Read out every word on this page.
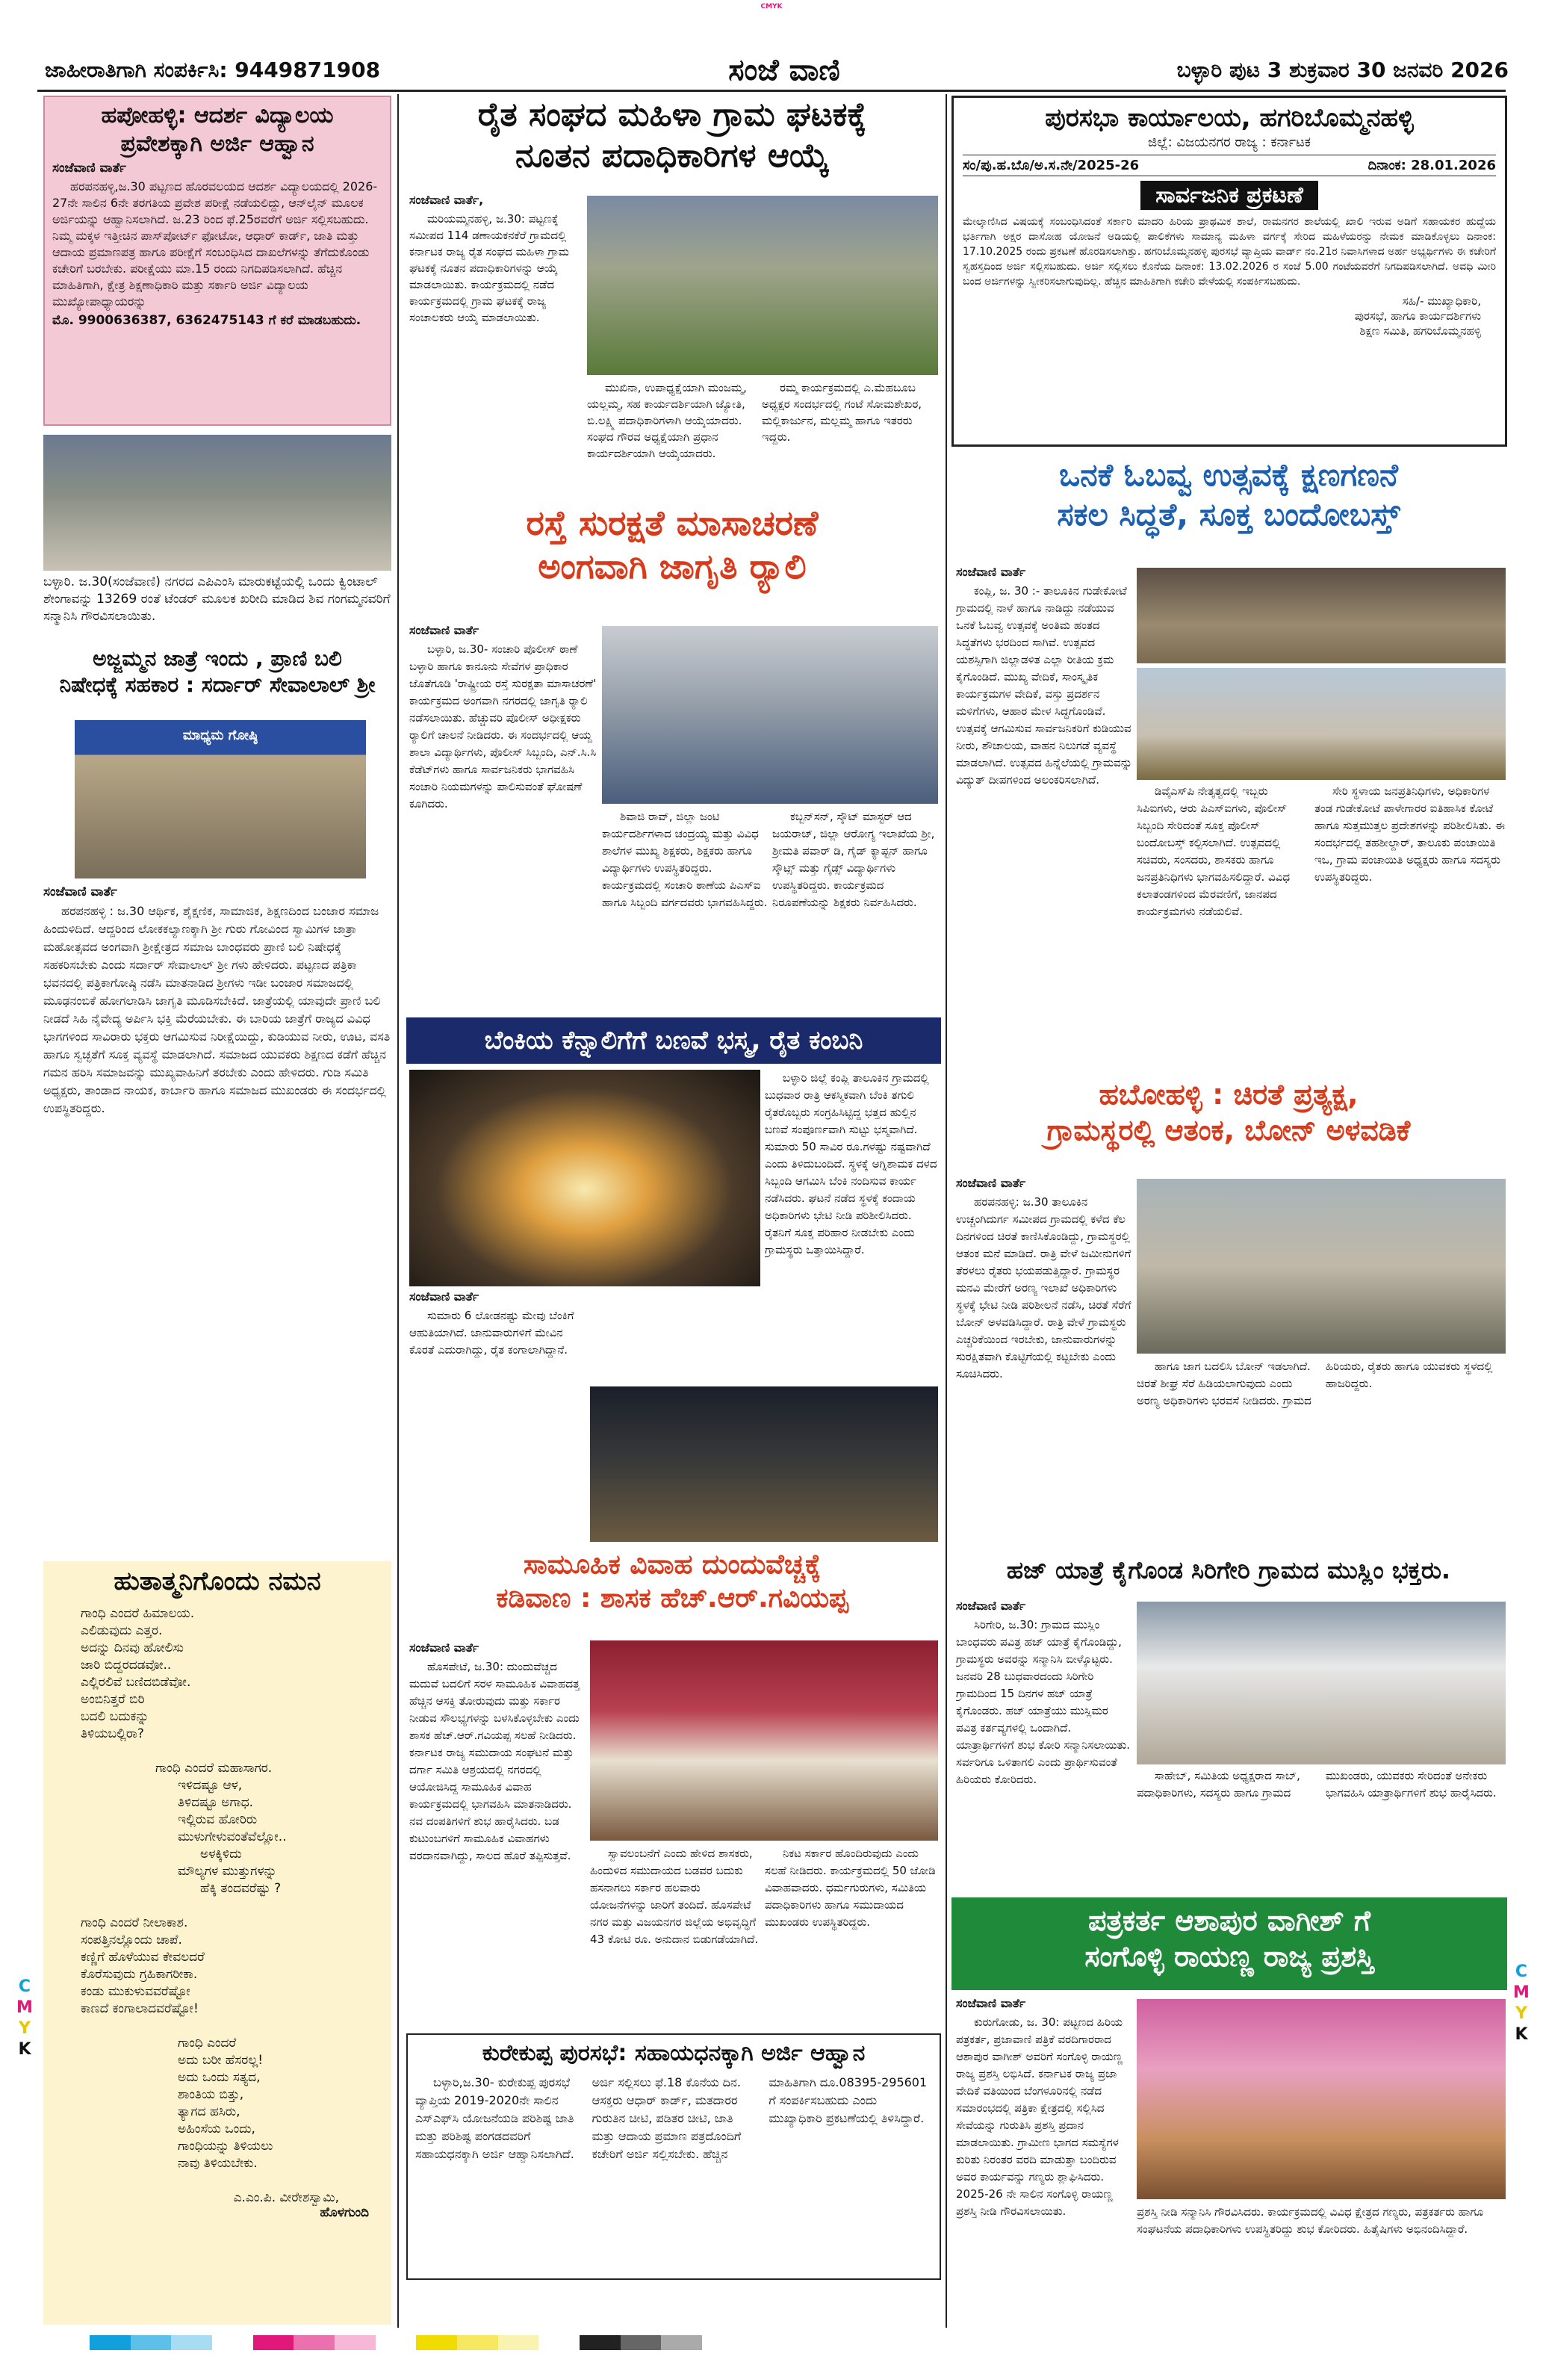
CMYK
ಜಾಹೀರಾತಿಗಾಗಿ ಸಂಪರ್ಕಿಸಿ: 9449871908	ಸಂಜೆ ವಾಣಿ	ಬಳ್ಳಾರಿ ಪುಟ 3 ಶುಕ್ರವಾರ 30 ಜನವರಿ 2026
C
M
Y
K
C
M
Y
K
ಹಪೋಹಳ್ಳಿ: ಆದರ್ಶ ವಿದ್ಯಾಲಯ
ಪ್ರವೇಶಕ್ಕಾಗಿ ಅರ್ಜಿ ಆಹ್ವಾನ
ಸಂಜೆವಾಣಿ ವಾರ್ತೆ

ಹರಪನಹಳ್ಳಿ,ಜ.30 ಪಟ್ಟಣದ ಹೊರವಲಯದ ಆದರ್ಶ ವಿದ್ಯಾಲಯದಲ್ಲಿ 2026-27ನೇ ಸಾಲಿನ 6ನೇ ತರಗತಿಯ ಪ್ರವೇಶ ಪರೀಕ್ಷೆ ನಡೆಯಲಿದ್ದು, ಆನ್‌ಲೈನ್ ಮೂಲಕ ಅರ್ಜಿಯನ್ನು ಆಹ್ವಾನಿಸಲಾಗಿದೆ. ಜ.23 ರಿಂದ ಫೆ.25ರವರೆಗೆ ಅರ್ಜಿ ಸಲ್ಲಿಸಬಹುದು. ನಿಮ್ಮ ಮಕ್ಕಳ ಇತ್ತೀಚಿನ ಪಾಸ್‌ಪೋರ್ಟ್ ಫೋಟೋ, ಆಧಾರ್ ಕಾರ್ಡ್, ಜಾತಿ ಮತ್ತು ಆದಾಯ ಪ್ರಮಾಣಪತ್ರ ಹಾಗೂ ಪರೀಕ್ಷೆಗೆ ಸಂಬಂಧಿಸಿದ ದಾಖಲೆಗಳನ್ನು ತೆಗೆದುಕೊಂಡು ಕಚೇರಿಗೆ ಬರಬೇಕು. ಪರೀಕ್ಷೆಯು ಮಾ.15 ರಂದು ನಿಗದಿಪಡಿಸಲಾಗಿದೆ. ಹೆಚ್ಚಿನ ಮಾಹಿತಿಗಾಗಿ, ಕ್ಷೇತ್ರ ಶಿಕ್ಷಣಾಧಿಕಾರಿ ಮತ್ತು ಸರ್ಕಾರಿ ಅರ್ಜಿ ವಿದ್ಯಾಲಯ ಮುಖ್ಯೋಪಾಧ್ಯಾಯರನ್ನು

ಮೊ. 9900636387, 6362475143 ಗೆ ಕರೆ ಮಾಡಬಹುದು.
ಬಳ್ಳಾರಿ. ಜ.30(ಸಂಜೆವಾಣಿ) ನಗರದ ಎಪಿಎಂಸಿ ಮಾರುಕಟ್ಟೆಯಲ್ಲಿ ಒಂದು ಕ್ವಿಂಟಾಲ್ ಶೇಂಗಾವನ್ನು 13269 ರಂತೆ ಟೆಂಡರ್ ಮೂಲಕ ಖರೀದಿ ಮಾಡಿದ ಶಿವ ಗಂಗಮ್ಮನವರಿಗೆ ಸನ್ಮಾನಿಸಿ ಗೌರವಿಸಲಾಯಿತು.
ಅಜ್ಜಮ್ಮನ ಜಾತ್ರೆ ಇಂದು , ಪ್ರಾಣಿ ಬಲಿ
ನಿಷೇಧಕ್ಕೆ ಸಹಕಾರ : ಸರ್ದಾರ್ ಸೇವಾಲಾಲ್ ಶ್ರೀ
ಮಾಧ್ಯಮ ಗೋಷ್ಠಿ
ಸಂಜೆವಾಣಿ ವಾರ್ತೆ

ಹರಪನಹಳ್ಳಿ : ಜ.30 ಆರ್ಥಿಕ, ಶೈಕ್ಷಣಿಕ, ಸಾಮಾಜಿಕ, ಶಿಕ್ಷಣದಿಂದ ಬಂಜಾರ ಸಮಾಜ ಹಿಂದುಳಿದಿದೆ. ಆದ್ದರಿಂದ ಲೋಕಕಲ್ಯಾಣಕ್ಕಾಗಿ ಶ್ರೀ ಗುರು ಗೋವಿಂದ ಸ್ವಾಮಿಗಳ ಜಾತ್ರಾ ಮಹೋತ್ಸವದ ಅಂಗವಾಗಿ ಶ್ರೀಕ್ಷೇತ್ರದ ಸಮಾಜ ಬಾಂಧವರು ಪ್ರಾಣಿ ಬಲಿ ನಿಷೇಧಕ್ಕೆ ಸಹಕರಿಸಬೇಕು ಎಂದು ಸರ್ದಾರ್ ಸೇವಾಲಾಲ್ ಶ್ರೀ ಗಳು ಹೇಳಿದರು. ಪಟ್ಟಣದ ಪತ್ರಿಕಾ ಭವನದಲ್ಲಿ ಪತ್ರಿಕಾಗೋಷ್ಠಿ ನಡೆಸಿ ಮಾತನಾಡಿದ ಶ್ರೀಗಳು ಇಡೀ ಬಂಜಾರ ಸಮಾಜದಲ್ಲಿ ಮೂಢನಂಬಿಕೆ ಹೋಗಲಾಡಿಸಿ ಜಾಗೃತಿ ಮೂಡಿಸಬೇಕಿದೆ. ಜಾತ್ರೆಯಲ್ಲಿ ಯಾವುದೇ ಪ್ರಾಣಿ ಬಲಿ ನೀಡದೆ ಸಿಹಿ ನೈವೇದ್ಯ ಅರ್ಪಿಸಿ ಭಕ್ತಿ ಮೆರೆಯಬೇಕು. ಈ ಬಾರಿಯ ಜಾತ್ರೆಗೆ ರಾಜ್ಯದ ವಿವಿಧ ಭಾಗಗಳಿಂದ ಸಾವಿರಾರು ಭಕ್ತರು ಆಗಮಿಸುವ ನಿರೀಕ್ಷೆಯಿದ್ದು, ಕುಡಿಯುವ ನೀರು, ಊಟ, ವಸತಿ ಹಾಗೂ ಸ್ವಚ್ಛತೆಗೆ ಸೂಕ್ತ ವ್ಯವಸ್ಥೆ ಮಾಡಲಾಗಿದೆ. ಸಮಾಜದ ಯುವಕರು ಶಿಕ್ಷಣದ ಕಡೆಗೆ ಹೆಚ್ಚಿನ ಗಮನ ಹರಿಸಿ ಸಮಾಜವನ್ನು ಮುಖ್ಯವಾಹಿನಿಗೆ ತರಬೇಕು ಎಂದು ಹೇಳಿದರು. ಗುಡಿ ಸಮಿತಿ ಅಧ್ಯಕ್ಷರು, ತಾಂಡಾದ ನಾಯಕ, ಕಾರ್ಬಾರಿ ಹಾಗೂ ಸಮಾಜದ ಮುಖಂಡರು ಈ ಸಂದರ್ಭದಲ್ಲಿ ಉಪಸ್ಥಿತರಿದ್ದರು.

ಹುತಾತ್ಮನಿಗೊಂದು ನಮನ
ಗಾಂಧಿ ಎಂದರೆ ಹಿಮಾಲಯ.
ಎಲಿಡುವುದು ಎತ್ತರ.
ಅದನ್ನು ದಿನವು ಹೋಲಿಸು
ಜಾರಿ ಬಿದ್ದರದಡವೋ..
ಎಲ್ಲಿರಲಿವೆ ಬಣಿದಬಿಡೆವೋ.
ಅಂಬಿನಿತ್ತರೆ ಬಿರಿ
ಬದಲಿ ಬದುಕನ್ನು
ತಿಳಿಯಬಲ್ಲಿರಾ?
ಗಾಂಧಿ ಎಂದರೆ ಮಹಾಸಾಗರ.
ಇಳಿದಷ್ಟೂ ಆಳ,
ತಿಳಿದಷ್ಟೂ ಅಗಾಧ.
ಇಲ್ಲಿರುವ ಹೋರಿರು
ಮುಳುಗೇಳುವಂತೆವೆಲ್ಲೋ..
ಅಳಕ್ಕಿಳಿದು
ಮೌಲ್ಯಗಳ ಮುತ್ತುಗಳನ್ನು
ಹೆಕ್ಕಿ ತಂದವರೆಷ್ಟು ?
ಗಾಂಧಿ ಎಂದರೆ ನೀಲಾಕಾಶ.
ಸಂಪತ್ತಿನಲ್ಲೊಂದು ಚಾಪೆ.
ಕಣ್ಣಿಗೆ ಹೊಳೆಯುವ ಕೇವಲದರೆ
ಕೊರೆಸುವುದು ಗ್ರಹಿಕಾಗರೀಕಾ.
ಕಂಡು ಮುಕುಳುವವರೆಷ್ಟೋ
ಕಾಣದೆ ಕಂಗಾಲಾದವರೆಷ್ಟೋ!
ಗಾಂಧಿ ಎಂದರೆ
ಅದು ಬರೀ ಹೆಸರಲ್ಲ!
ಅದು ಒಂದು ಸತ್ಯದ,
ಶಾಂತಿಯ ಬಿತ್ತು,
ತ್ಯಾಗದ ಹಸಿರು,
ಅಹಿಂಸೆಯ ಒಂದು,
ಗಾಂಧಿಯನ್ನು ತಿಳಿಯಲು
ನಾವು ತಿಳಿಯಬೇಕು.
ಎ.ಎಂ.ಪಿ. ವೀರೇಶಸ್ವಾಮಿ,
ಹೊಳಗುಂದಿ
ರೈತ ಸಂಘದ ಮಹಿಳಾ ಗ್ರಾಮ ಘಟಕಕ್ಕೆ
ನೂತನ ಪದಾಧಿಕಾರಿಗಳ ಆಯ್ಕೆ
ಸಂಜೆವಾಣಿ ವಾರ್ತೆ,

ಮರಿಯಮ್ಮನಹಳ್ಳಿ, ಜ.30: ಪಟ್ಟಣಕ್ಕೆ ಸಮೀಪದ 114 ಡಣಾಯಕನಕೆರೆ ಗ್ರಾಮದಲ್ಲಿ ಕರ್ನಾಟಕ ರಾಜ್ಯ ರೈತ ಸಂಘದ ಮಹಿಳಾ ಗ್ರಾಮ ಘಟಕಕ್ಕೆ ನೂತನ ಪದಾಧಿಕಾರಿಗಳನ್ನು ಆಯ್ಕೆ ಮಾಡಲಾಯಿತು. ಕಾರ್ಯಕ್ರಮದಲ್ಲಿ ನಡೆದ ಕಾರ್ಯಕ್ರಮದಲ್ಲಿ ಗ್ರಾಮ ಘಟಕಕ್ಕೆ ರಾಜ್ಯ ಸಂಚಾಲಕರು ಆಯ್ಕೆ ಮಾಡಲಾಯಿತು.

ಮುಖಿನಾ, ಉಪಾಧ್ಯಕ್ಷೆಯಾಗಿ ಮಂಜಮ್ಮ, ಯಲ್ಲಮ್ಮ, ಸಹ ಕಾರ್ಯದರ್ಶಿಯಾಗಿ ಜ್ಯೋತಿ, ಬಿ.ಲಕ್ಷ್ಮಿ ಪದಾಧಿಕಾರಿಗಳಾಗಿ ಆಯ್ಕೆಯಾದರು. ಸಂಘದ ಗೌರವ ಅಧ್ಯಕ್ಷೆಯಾಗಿ ಪ್ರಧಾನ ಕಾರ್ಯದರ್ಶಿಯಾಗಿ ಆಯ್ಕೆಯಾದರು.

ರಮ್ಮ ಕಾರ್ಯಕ್ರಮದಲ್ಲಿ ಎ.ಮೆಹಬೂಬ ಅಧ್ಯಕ್ಷರ ಸಂದರ್ಭದಲ್ಲಿ ಗಂಟೆ ಸೋಮಶೇಖರ, ಮಲ್ಲಿಕಾರ್ಜುನ, ಮಲ್ಲಮ್ಮ ಹಾಗೂ ಇತರರು ಇದ್ದರು.

ರಸ್ತೆ ಸುರಕ್ಷತೆ ಮಾಸಾಚರಣೆ
ಅಂಗವಾಗಿ ಜಾಗೃತಿ ರ್‍ಯಾಲಿ
ಸಂಜೆವಾಣಿ ವಾರ್ತೆ

ಬಳ್ಳಾರಿ, ಜ.30- ಸಂಚಾರಿ ಪೊಲೀಸ್ ಠಾಣೆ ಬಳ್ಳಾರಿ ಹಾಗೂ ಕಾನೂನು ಸೇವೆಗಳ ಪ್ರಾಧಿಕಾರ ಜೊತೆಗೂಡಿ 'ರಾಷ್ಟ್ರೀಯ ರಸ್ತೆ ಸುರಕ್ಷತಾ ಮಾಸಾಚರಣೆ' ಕಾರ್ಯಕ್ರಮದ ಅಂಗವಾಗಿ ನಗರದಲ್ಲಿ ಜಾಗೃತಿ ರ್‍ಯಾಲಿ ನಡೆಸಲಾಯಿತು. ಹೆಚ್ಚುವರಿ ಪೊಲೀಸ್ ಅಧೀಕ್ಷಕರು ರ್‍ಯಾಲಿಗೆ ಚಾಲನೆ ನೀಡಿದರು. ಈ ಸಂದರ್ಭದಲ್ಲಿ ಆಯ್ದ ಶಾಲಾ ವಿದ್ಯಾರ್ಥಿಗಳು, ಪೊಲೀಸ್ ಸಿಬ್ಬಂದಿ, ಎನ್.ಸಿ.ಸಿ ಕೆಡೆಟ್‌ಗಳು ಹಾಗೂ ಸಾರ್ವಜನಿಕರು ಭಾಗವಹಿಸಿ ಸಂಚಾರಿ ನಿಯಮಗಳನ್ನು ಪಾಲಿಸುವಂತೆ ಘೋಷಣೆ ಕೂಗಿದರು.

ಶಿವಾಜಿ ರಾವ್, ಜಿಲ್ಲಾ ಜಂಟಿ ಕಾರ್ಯದರ್ಶಿಗಳಾದ ಚಂದ್ರಯ್ಯ ಮತ್ತು ವಿವಿಧ ಶಾಲೆಗಳ ಮುಖ್ಯ ಶಿಕ್ಷಕರು, ಶಿಕ್ಷಕರು ಹಾಗೂ ವಿದ್ಯಾರ್ಥಿಗಳು ಉಪಸ್ಥಿತರಿದ್ದರು. ಕಾರ್ಯಕ್ರಮದಲ್ಲಿ ಸಂಚಾರಿ ಠಾಣೆಯ ಪಿಎಸ್‌ಐ ಹಾಗೂ ಸಿಬ್ಬಂದಿ ವರ್ಗದವರು ಭಾಗವಹಿಸಿದ್ದರು.

ಕಬ್ಬನ್‌ಸನ್, ಸ್ಕೌಟ್ ಮಾಸ್ಟರ್ ಆದ ಜಯರಾಜ್, ಜಿಲ್ಲಾ ಆರೋಗ್ಯ ಇಲಾಖೆಯ ಶ್ರೀ, ಶ್ರೀಮತಿ ಪವಾರ್ ಡಿ, ಗೈಡ್ ಕ್ಯಾಪ್ಟನ್ ಹಾಗೂ ಸ್ಕೌಟ್ಸ್ ಮತ್ತು ಗೈಡ್ಸ್ ವಿದ್ಯಾರ್ಥಿಗಳು ಉಪಸ್ಥಿತರಿದ್ದರು. ಕಾರ್ಯಕ್ರಮದ ನಿರೂಪಣೆಯನ್ನು ಶಿಕ್ಷಕರು ನಿರ್ವಹಿಸಿದರು.

ಬೆಂಕಿಯ ಕೆನ್ನಾಲಿಗೆಗೆ ಬಣವೆ ಭಸ್ಮ, ರೈತ ಕಂಬನಿ

ಬಳ್ಳಾರಿ ಜಿಲ್ಲೆ ಕಂಪ್ಲಿ ತಾಲೂಕಿನ ಗ್ರಾಮದಲ್ಲಿ ಬುಧವಾರ ರಾತ್ರಿ ಆಕಸ್ಮಿಕವಾಗಿ ಬೆಂಕಿ ತಗುಲಿ ರೈತರೊಬ್ಬರು ಸಂಗ್ರಹಿಸಿಟ್ಟಿದ್ದ ಭತ್ತದ ಹುಲ್ಲಿನ ಬಣವೆ ಸಂಪೂರ್ಣವಾಗಿ ಸುಟ್ಟು ಭಸ್ಮವಾಗಿದೆ. ಸುಮಾರು 50 ಸಾವಿರ ರೂ.ಗಳಷ್ಟು ನಷ್ಟವಾಗಿದೆ ಎಂದು ತಿಳಿದುಬಂದಿದೆ. ಸ್ಥಳಕ್ಕೆ ಅಗ್ನಿಶಾಮಕ ದಳದ ಸಿಬ್ಬಂದಿ ಆಗಮಿಸಿ ಬೆಂಕಿ ನಂದಿಸುವ ಕಾರ್ಯ ನಡೆಸಿದರು. ಘಟನೆ ನಡೆದ ಸ್ಥಳಕ್ಕೆ ಕಂದಾಯ ಅಧಿಕಾರಿಗಳು ಭೇಟಿ ನೀಡಿ ಪರಿಶೀಲಿಸಿದರು. ರೈತನಿಗೆ ಸೂಕ್ತ ಪರಿಹಾರ ನೀಡಬೇಕು ಎಂದು ಗ್ರಾಮಸ್ಥರು ಒತ್ತಾಯಿಸಿದ್ದಾರೆ.

ಸಂಜೆವಾಣಿ ವಾರ್ತೆ

ಸುಮಾರು 6 ಲೋಡನಷ್ಟು ಮೇವು ಬೆಂಕಿಗೆ ಆಹುತಿಯಾಗಿದೆ. ಜಾನುವಾರುಗಳಿಗೆ ಮೇವಿನ ಕೊರತೆ ಎದುರಾಗಿದ್ದು, ರೈತ ಕಂಗಾಲಾಗಿದ್ದಾನೆ.

ಸಾಮೂಹಿಕ ವಿವಾಹ ದುಂದುವೆಚ್ಚಕ್ಕೆ
ಕಡಿವಾಣ : ಶಾಸಕ ಹೆಚ್.ಆರ್.ಗವಿಯಪ್ಪ
ಸಂಜೆವಾಣಿ ವಾರ್ತೆ

ಹೊಸಪೇಟೆ, ಜ.30: ದುಂದುವೆಚ್ಚದ ಮದುವೆ ಬದಲಿಗೆ ಸರಳ ಸಾಮೂಹಿಕ ವಿವಾಹದತ್ತ ಹೆಚ್ಚಿನ ಆಸಕ್ತಿ ತೋರುವುದು ಮತ್ತು ಸರ್ಕಾರ ನೀಡುವ ಸೌಲಭ್ಯಗಳನ್ನು ಬಳಸಿಕೊಳ್ಳಬೇಕು ಎಂದು ಶಾಸಕ ಹೆಚ್.ಆರ್.ಗವಿಯಪ್ಪ ಸಲಹೆ ನೀಡಿದರು. ಕರ್ನಾಟಕ ರಾಜ್ಯ ಸಮುದಾಯ ಸಂಘಟನೆ ಮತ್ತು ದರ್ಗಾ ಸಮಿತಿ ಆಶ್ರಯದಲ್ಲಿ ನಗರದಲ್ಲಿ ಆಯೋಜಿಸಿದ್ದ ಸಾಮೂಹಿಕ ವಿವಾಹ ಕಾರ್ಯಕ್ರಮದಲ್ಲಿ ಭಾಗವಹಿಸಿ ಮಾತನಾಡಿದರು. ನವ ದಂಪತಿಗಳಿಗೆ ಶುಭ ಹಾರೈಸಿದರು. ಬಡ ಕುಟುಂಬಗಳಿಗೆ ಸಾಮೂಹಿಕ ವಿವಾಹಗಳು ವರದಾನವಾಗಿದ್ದು, ಸಾಲದ ಹೊರೆ ತಪ್ಪಿಸುತ್ತವೆ.	ಸ್ವಾವಲಂಬನೆಗೆ ಎಂದು ಹೇಳಿದ ಶಾಸಕರು, ಹಿಂದುಳಿದ ಸಮುದಾಯದ ಬಡವರ ಬದುಕು ಹಸನಾಗಲು ಸರ್ಕಾರ ಹಲವಾರು ಯೋಜನೆಗಳನ್ನು ಜಾರಿಗೆ ತಂದಿದೆ. ಹೊಸಪೇಟೆ ನಗರ ಮತ್ತು ವಿಜಯನಗರ ಜಿಲ್ಲೆಯ ಅಭಿವೃದ್ಧಿಗೆ 43 ಕೋಟಿ ರೂ. ಅನುದಾನ ಬಿಡುಗಡೆಯಾಗಿದೆ.

ನಿಕಟ ಸರ್ಕಾರ ಹೊಂದಿರುವುದು ಎಂದು ಸಲಹೆ ನೀಡಿದರು. ಕಾರ್ಯಕ್ರಮದಲ್ಲಿ 50 ಜೋಡಿ ವಿವಾಹವಾದರು. ಧರ್ಮಗುರುಗಳು, ಸಮಿತಿಯ ಪದಾಧಿಕಾರಿಗಳು ಹಾಗೂ ಸಮುದಾಯದ ಮುಖಂಡರು ಉಪಸ್ಥಿತರಿದ್ದರು.

ಕುರೇಕುಪ್ಪ ಪುರಸಭೆ: ಸಹಾಯಧನಕ್ಕಾಗಿ ಅರ್ಜಿ ಆಹ್ವಾನ

ಬಳ್ಳಾರಿ,ಜ.30- ಕುರೇಕುಪ್ಪ ಪುರಸಭೆ ವ್ಯಾಪ್ತಿಯ 2019-2020ನೇ ಸಾಲಿನ ಎಸ್‌ಎಫ್‌ಸಿ ಯೋಜನೆಯಡಿ ಪರಿಶಿಷ್ಟ ಜಾತಿ ಮತ್ತು ಪರಿಶಿಷ್ಟ ಪಂಗಡದವರಿಗೆ ಸಹಾಯಧನಕ್ಕಾಗಿ ಅರ್ಜಿ ಆಹ್ವಾನಿಸಲಾಗಿದೆ. ಅರ್ಜಿ ಸಲ್ಲಿಸಲು ಫೆ.18 ಕೊನೆಯ ದಿನ. ಆಸಕ್ತರು ಆಧಾರ್ ಕಾರ್ಡ್, ಮತದಾರರ ಗುರುತಿನ ಚೀಟಿ, ಪಡಿತರ ಚೀಟಿ, ಜಾತಿ ಮತ್ತು ಆದಾಯ ಪ್ರಮಾಣ ಪತ್ರದೊಂದಿಗೆ ಕಚೇರಿಗೆ ಅರ್ಜಿ ಸಲ್ಲಿಸಬೇಕು. ಹೆಚ್ಚಿನ ಮಾಹಿತಿಗಾಗಿ ದೂ.08395-295601 ಗೆ ಸಂಪರ್ಕಿಸಬಹುದು ಎಂದು ಮುಖ್ಯಾಧಿಕಾರಿ ಪ್ರಕಟಣೆಯಲ್ಲಿ ತಿಳಿಸಿದ್ದಾರೆ.

ಪುರಸಭಾ ಕಾರ್ಯಾಲಯ, ಹಗರಿಬೊಮ್ಮನಹಳ್ಳಿ
ಜಿಲ್ಲೆ: ವಿಜಯನಗರ ರಾಜ್ಯ : ಕರ್ನಾಟಕ
ಸಂ/ಪು.ಹ.ಬೊ/ಅ.ಸ.ನೇ/2025-26	ದಿನಾಂಕ: 28.01.2026
ಸಾರ್ವಜನಿಕ ಪ್ರಕಟಣೆ
ಮೇಲ್ಕಾಣಿಸಿದ ವಿಷಯಕ್ಕೆ ಸಂಬಂಧಿಸಿದಂತೆ ಸರ್ಕಾರಿ ಮಾದರಿ ಹಿರಿಯ ಪ್ರಾಥಮಿಕ ಶಾಲೆ, ರಾಮನಗರ ಶಾಲೆಯಲ್ಲಿ ಖಾಲಿ ಇರುವ ಅಡಿಗೆ ಸಹಾಯಕರ ಹುದ್ದೆಯ ಭರ್ತಿಗಾಗಿ ಅಕ್ಷರ ದಾಸೋಹ ಯೋಜನೆ ಅಡಿಯಲ್ಲಿ ಪಾಲಿಕೆಗಳು ಸಾಮಾನ್ಯ ಮಹಿಳಾ ವರ್ಗಕ್ಕೆ ಸೇರಿದ ಮಹಿಳೆಯರನ್ನು ನೇಮಕ ಮಾಡಿಕೊಳ್ಳಲು ದಿನಾಂಕ: 17.10.2025 ರಂದು ಪ್ರಕಟಣೆ ಹೊರಡಿಸಲಾಗಿತ್ತು. ಹಗರಿಬೊಮ್ಮನಹಳ್ಳಿ ಪುರಸಭೆ ವ್ಯಾಪ್ತಿಯ ವಾರ್ಡ್ ನಂ.21ರ ನಿವಾಸಿಗಳಾದ ಅರ್ಹ ಅಭ್ಯರ್ಥಿಗಳು ಈ ಕಚೇರಿಗೆ ಸ್ವಹಸ್ತದಿಂದ ಅರ್ಜಿ ಸಲ್ಲಿಸಬಹುದು. ಅರ್ಜಿ ಸಲ್ಲಿಸಲು ಕೊನೆಯ ದಿನಾಂಕ: 13.02.2026 ರ ಸಂಜೆ 5.00 ಗಂಟೆಯವರೆಗೆ ನಿಗದಿಪಡಿಸಲಾಗಿದೆ. ಅವಧಿ ಮೀರಿ ಬಂದ ಅರ್ಜಿಗಳನ್ನು ಸ್ವೀಕರಿಸಲಾಗುವುದಿಲ್ಲ. ಹೆಚ್ಚಿನ ಮಾಹಿತಿಗಾಗಿ ಕಚೇರಿ ವೇಳೆಯಲ್ಲಿ ಸಂಪರ್ಕಿಸಬಹುದು.
ಸಹಿ/- ಮುಖ್ಯಾಧಿಕಾರಿ,
ಪುರಸಭೆ, ಹಾಗೂ ಕಾರ್ಯದರ್ಶಿಗಳು
ಶಿಕ್ಷಣ ಸಮಿತಿ, ಹಗರಿಬೊಮ್ಮನಹಳ್ಳಿ
ಒನಕೆ ಓಬವ್ವ ಉತ್ಸವಕ್ಕೆ ಕ್ಷಣಗಣನೆ
ಸಕಲ ಸಿದ್ಧತೆ, ಸೂಕ್ತ ಬಂದೋಬಸ್ತ್
ಸಂಜೆವಾಣಿ ವಾರ್ತೆ

ಕಂಪ್ಲಿ, ಜ. 30 :- ತಾಲೂಕಿನ ಗುಡೇಕೋಟೆ ಗ್ರಾಮದಲ್ಲಿ ನಾಳೆ ಹಾಗೂ ನಾಡಿದ್ದು ನಡೆಯುವ ಒನಕೆ ಓಬವ್ವ ಉತ್ಸವಕ್ಕೆ ಅಂತಿಮ ಹಂತದ ಸಿದ್ಧತೆಗಳು ಭರದಿಂದ ಸಾಗಿವೆ. ಉತ್ಸವದ ಯಶಸ್ಸಿಗಾಗಿ ಜಿಲ್ಲಾಡಳಿತ ಎಲ್ಲಾ ರೀತಿಯ ಕ್ರಮ ಕೈಗೊಂಡಿದೆ. ಮುಖ್ಯ ವೇದಿಕೆ, ಸಾಂಸ್ಕೃತಿಕ ಕಾರ್ಯಕ್ರಮಗಳ ವೇದಿಕೆ, ವಸ್ತು ಪ್ರದರ್ಶನ ಮಳಿಗೆಗಳು, ಆಹಾರ ಮೇಳ ಸಿದ್ಧಗೊಂಡಿವೆ. ಉತ್ಸವಕ್ಕೆ ಆಗಮಿಸುವ ಸಾರ್ವಜನಿಕರಿಗೆ ಕುಡಿಯುವ ನೀರು, ಶೌಚಾಲಯ, ವಾಹನ ನಿಲುಗಡೆ ವ್ಯವಸ್ಥೆ ಮಾಡಲಾಗಿದೆ. ಉತ್ಸವದ ಹಿನ್ನೆಲೆಯಲ್ಲಿ ಗ್ರಾಮವನ್ನು ವಿದ್ಯುತ್ ದೀಪಗಳಿಂದ ಅಲಂಕರಿಸಲಾಗಿದೆ.

ಡಿವೈಎಸ್‌ಪಿ ನೇತೃತ್ವದಲ್ಲಿ ಇಬ್ಬರು ಸಿಪಿಐಗಳು, ಆರು ಪಿಎಸ್‌ಐಗಳು, ಪೊಲೀಸ್ ಸಿಬ್ಬಂದಿ ಸೇರಿದಂತೆ ಸೂಕ್ತ ಪೊಲೀಸ್ ಬಂದೋಬಸ್ತ್ ಕಲ್ಪಿಸಲಾಗಿದೆ. ಉತ್ಸವದಲ್ಲಿ ಸಚಿವರು, ಸಂಸದರು, ಶಾಸಕರು ಹಾಗೂ ಜನಪ್ರತಿನಿಧಿಗಳು ಭಾಗವಹಿಸಲಿದ್ದಾರೆ. ವಿವಿಧ ಕಲಾತಂಡಗಳಿಂದ ಮೆರವಣಿಗೆ, ಜಾನಪದ ಕಾರ್ಯಕ್ರಮಗಳು ನಡೆಯಲಿವೆ.

ಸೇರಿ ಸ್ಥಳಾಯ ಜನಪ್ರತಿನಿಧಿಗಳು, ಅಧಿಕಾರಿಗಳ ತಂಡ ಗುಡೇಕೋಟೆ ಪಾಳೇಗಾರರ ಐತಿಹಾಸಿಕ ಕೋಟೆ ಹಾಗೂ ಸುತ್ತಮುತ್ತಲ ಪ್ರದೇಶಗಳನ್ನು ಪರಿಶೀಲಿಸಿತು. ಈ ಸಂದರ್ಭದಲ್ಲಿ ತಹಶೀಲ್ದಾರ್, ತಾಲೂಕು ಪಂಚಾಯಿತಿ ಇಒ, ಗ್ರಾಮ ಪಂಚಾಯಿತಿ ಅಧ್ಯಕ್ಷರು ಹಾಗೂ ಸದಸ್ಯರು ಉಪಸ್ಥಿತರಿದ್ದರು.

ಹಬೋಹಳ್ಳಿ : ಚಿರತೆ ಪ್ರತ್ಯಕ್ಷ,
ಗ್ರಾಮಸ್ಥರಲ್ಲಿ ಆತಂಕ, ಬೋನ್ ಅಳವಡಿಕೆ
ಸಂಜೆವಾಣಿ ವಾರ್ತೆ

ಹರಪನಹಳ್ಳಿ: ಜ.30 ತಾಲೂಕಿನ ಉಚ್ಚಂಗಿದುರ್ಗ ಸಮೀಪದ ಗ್ರಾಮದಲ್ಲಿ ಕಳೆದ ಕೆಲ ದಿನಗಳಿಂದ ಚಿರತೆ ಕಾಣಿಸಿಕೊಂಡಿದ್ದು, ಗ್ರಾಮಸ್ಥರಲ್ಲಿ ಆತಂಕ ಮನೆ ಮಾಡಿದೆ. ರಾತ್ರಿ ವೇಳೆ ಜಮೀನುಗಳಿಗೆ ತೆರಳಲು ರೈತರು ಭಯಪಡುತ್ತಿದ್ದಾರೆ. ಗ್ರಾಮಸ್ಥರ ಮನವಿ ಮೇರೆಗೆ ಅರಣ್ಯ ಇಲಾಖೆ ಅಧಿಕಾರಿಗಳು ಸ್ಥಳಕ್ಕೆ ಭೇಟಿ ನೀಡಿ ಪರಿಶೀಲನೆ ನಡೆಸಿ, ಚಿರತೆ ಸೆರೆಗೆ ಬೋನ್ ಅಳವಡಿಸಿದ್ದಾರೆ. ರಾತ್ರಿ ವೇಳೆ ಗ್ರಾಮಸ್ಥರು ಎಚ್ಚರಿಕೆಯಿಂದ ಇರಬೇಕು, ಜಾನುವಾರುಗಳನ್ನು ಸುರಕ್ಷಿತವಾಗಿ ಕೊಟ್ಟಿಗೆಯಲ್ಲಿ ಕಟ್ಟಬೇಕು ಎಂದು ಸೂಚಿಸಿದರು.

ಹಾಗೂ ಜಾಗ ಬದಲಿಸಿ ಬೋನ್ ಇಡಲಾಗಿದೆ. ಚಿರತೆ ಶೀಘ್ರ ಸೆರೆ ಹಿಡಿಯಲಾಗುವುದು ಎಂದು ಅರಣ್ಯ ಅಧಿಕಾರಿಗಳು ಭರವಸೆ ನೀಡಿದರು. ಗ್ರಾಮದ ಹಿರಿಯರು, ರೈತರು ಹಾಗೂ ಯುವಕರು ಸ್ಥಳದಲ್ಲಿ ಹಾಜರಿದ್ದರು.

ಹಜ್ ಯಾತ್ರೆ ಕೈಗೊಂಡ ಸಿರಿಗೇರಿ ಗ್ರಾಮದ ಮುಸ್ಲಿಂ ಭಕ್ತರು.
ಸಂಜೆವಾಣಿ ವಾರ್ತೆ

ಸಿರಿಗೇರಿ, ಜ.30: ಗ್ರಾಮದ ಮುಸ್ಲಿಂ ಬಾಂಧವರು ಪವಿತ್ರ ಹಜ್ ಯಾತ್ರೆ ಕೈಗೊಂಡಿದ್ದು, ಗ್ರಾಮಸ್ಥರು ಅವರನ್ನು ಸನ್ಮಾನಿಸಿ ಬೀಳ್ಕೊಟ್ಟರು. ಜನವರಿ 28 ಬುಧವಾರದಂದು ಸಿರಿಗೇರಿ ಗ್ರಾಮದಿಂದ 15 ದಿನಗಳ ಹಜ್ ಯಾತ್ರೆ ಕೈಗೊಂಡರು. ಹಜ್ ಯಾತ್ರೆಯು ಮುಸ್ಲಿಮರ ಪವಿತ್ರ ಕರ್ತವ್ಯಗಳಲ್ಲಿ ಒಂದಾಗಿದೆ. ಯಾತ್ರಾರ್ಥಿಗಳಿಗೆ ಶುಭ ಕೋರಿ ಸನ್ಮಾನಿಸಲಾಯಿತು. ಸರ್ವರಿಗೂ ಒಳಿತಾಗಲಿ ಎಂದು ಪ್ರಾರ್ಥಿಸುವಂತೆ ಹಿರಿಯರು ಕೋರಿದರು.	ಸಾಹೇಬ್, ಸಮಿತಿಯ ಅಧ್ಯಕ್ಷರಾದ ಸಾಬ್, ಪದಾಧಿಕಾರಿಗಳು, ಸದಸ್ಯರು ಹಾಗೂ ಗ್ರಾಮದ ಮುಖಂಡರು, ಯುವಕರು ಸೇರಿದಂತೆ ಅನೇಕರು ಭಾಗವಹಿಸಿ ಯಾತ್ರಾರ್ಥಿಗಳಿಗೆ ಶುಭ ಹಾರೈಸಿದರು.

ಪತ್ರಕರ್ತ ಆಶಾಪುರ ವಾಗೀಶ್ ಗೆ
ಸಂಗೊಳ್ಳಿ ರಾಯಣ್ಣ ರಾಜ್ಯ ಪ್ರಶಸ್ತಿ
ಸಂಜೆವಾಣಿ ವಾರ್ತೆ

ಕುರುಗೋಡು, ಜ. 30: ಪಟ್ಟಣದ ಹಿರಿಯ ಪತ್ರಕರ್ತ, ಪ್ರಜಾವಾಣಿ ಪತ್ರಿಕೆ ವರದಿಗಾರರಾದ ಆಶಾಪುರ ವಾಗೀಶ್ ಅವರಿಗೆ ಸಂಗೊಳ್ಳಿ ರಾಯಣ್ಣ ರಾಜ್ಯ ಪ್ರಶಸ್ತಿ ಲಭಿಸಿದೆ. ಕರ್ನಾಟಕ ರಾಜ್ಯ ಪ್ರಜಾ ವೇದಿಕೆ ವತಿಯಿಂದ ಬೆಂಗಳೂರಿನಲ್ಲಿ ನಡೆದ ಸಮಾರಂಭದಲ್ಲಿ ಪತ್ರಿಕಾ ಕ್ಷೇತ್ರದಲ್ಲಿ ಸಲ್ಲಿಸಿದ ಸೇವೆಯನ್ನು ಗುರುತಿಸಿ ಪ್ರಶಸ್ತಿ ಪ್ರದಾನ ಮಾಡಲಾಯಿತು. ಗ್ರಾಮೀಣ ಭಾಗದ ಸಮಸ್ಯೆಗಳ ಕುರಿತು ನಿರಂತರ ವರದಿ ಮಾಡುತ್ತಾ ಬಂದಿರುವ ಅವರ ಕಾರ್ಯವನ್ನು ಗಣ್ಯರು ಶ್ಲಾಘಿಸಿದರು. 2025-26 ನೇ ಸಾಲಿನ ಸಂಗೊಳ್ಳಿ ರಾಯಣ್ಣ ಪ್ರಶಸ್ತಿ ನೀಡಿ ಗೌರವಿಸಲಾಯಿತು.	ಪ್ರಶಸ್ತಿ ನೀಡಿ ಸನ್ಮಾನಿಸಿ ಗೌರವಿಸಿದರು. ಕಾರ್ಯಕ್ರಮದಲ್ಲಿ ವಿವಿಧ ಕ್ಷೇತ್ರದ ಗಣ್ಯರು, ಪತ್ರಕರ್ತರು ಹಾಗೂ ಸಂಘಟನೆಯ ಪದಾಧಿಕಾರಿಗಳು ಉಪಸ್ಥಿತರಿದ್ದು ಶುಭ ಕೋರಿದರು. ಹಿತೈಷಿಗಳು ಅಭಿನಂದಿಸಿದ್ದಾರೆ.
